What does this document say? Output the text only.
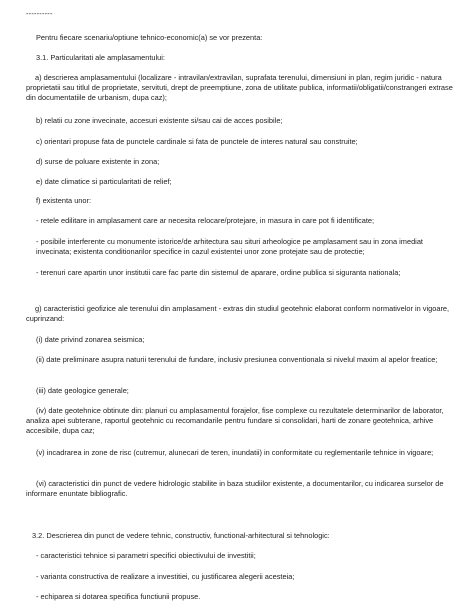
----------
Pentru fiecare scenariu/optiune tehnico-economic(a) se vor prezenta:
3.1. Particularitati ale amplasamentului:
a) descrierea amplasamentului (localizare - intravilan/extravilan, suprafata terenului, dimensiuni in plan, regim juridic - natura proprietatii sau titlul de proprietate, servituti, drept de preemptiune, zona de utilitate publica, informatii/obligatii/constrangeri extrase din documentatiile de urbanism, dupa caz);
b) relatii cu zone invecinate, accesuri existente si/sau cai de acces posibile;
c) orientari propuse fata de punctele cardinale si fata de punctele de interes natural sau construite;
d) surse de poluare existente in zona;
e) date climatice si particularitati de relief;
f) existenta unor:
- retele edilitare in amplasament care ar necesita relocare/protejare, in masura in care pot fi identificate;
- posibile interferente cu monumente istorice/de arhitectura sau situri arheologice pe amplasament sau in zona imediat invecinata; existenta conditionarilor specifice in cazul existentei unor zone protejate sau de protectie;
- terenuri care apartin unor institutii care fac parte din sistemul de aparare, ordine publica si siguranta nationala;
g) caracteristici geofizice ale terenului din amplasament - extras din studiul geotehnic elaborat conform normativelor in vigoare, cuprinzand:
(i) date privind zonarea seismica;
(ii) date preliminare asupra naturii terenului de fundare, inclusiv presiunea conventionala si nivelul maxim al apelor freatice;
(iii) date geologice generale;
(iv) date geotehnice obtinute din: planuri cu amplasamentul forajelor, fise complexe cu rezultatele determinarilor de laborator, analiza apei subterane, raportul geotehnic cu recomandarile pentru fundare si consolidari, harti de zonare geotehnica, arhive accesibile, dupa caz;
(v) incadrarea in zone de risc (cutremur, alunecari de teren, inundatii) in conformitate cu reglementarile tehnice in vigoare;
(vi) caracteristici din punct de vedere hidrologic stabilite in baza studiilor existente, a documentarilor, cu indicarea surselor de informare enuntate bibliografic.
3.2. Descrierea din punct de vedere tehnic, constructiv, functional-arhitectural si tehnologic:
- caracteristici tehnice si parametri specifici obiectivului de investitii;
- varianta constructiva de realizare a investitiei, cu justificarea alegerii acesteia;
- echiparea si dotarea specifica functiunii propuse.
